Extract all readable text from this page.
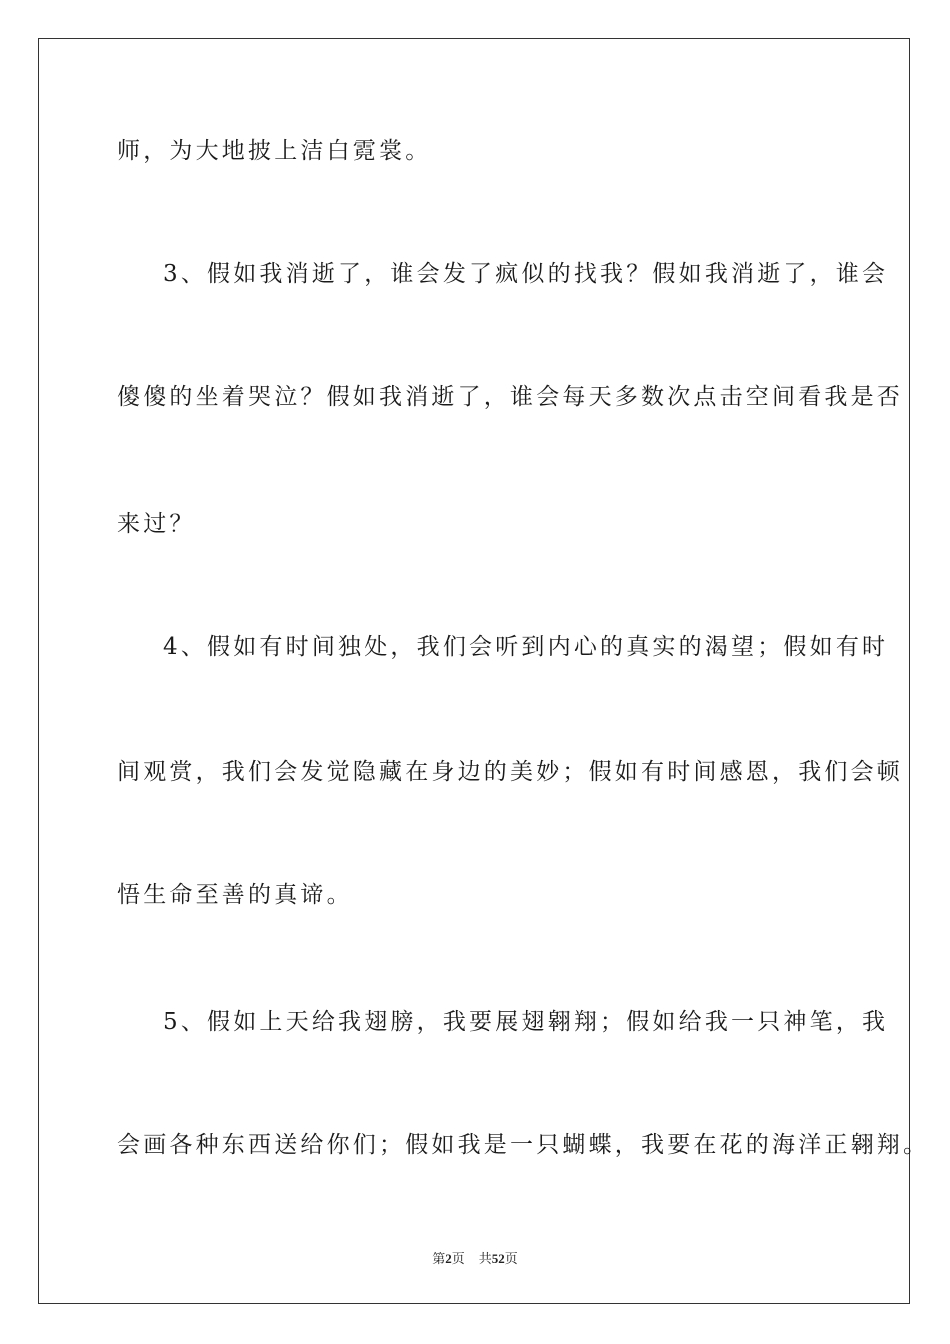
师，为大地披上洁白霓裳。
3、假如我消逝了，谁会发了疯似的找我？假如我消逝了，谁会
傻傻的坐着哭泣？假如我消逝了，谁会每天多数次点击空间看我是否
来过？
4、假如有时间独处，我们会听到内心的真实的渴望；假如有时
间观赏，我们会发觉隐藏在身边的美妙；假如有时间感恩，我们会顿
悟生命至善的真谛。
5、假如上天给我翅膀，我要展翅翱翔；假如给我一只神笔，我
会画各种东西送给你们；假如我是一只蝴蝶，我要在花的海洋正翱翔。
第2页 共52页
